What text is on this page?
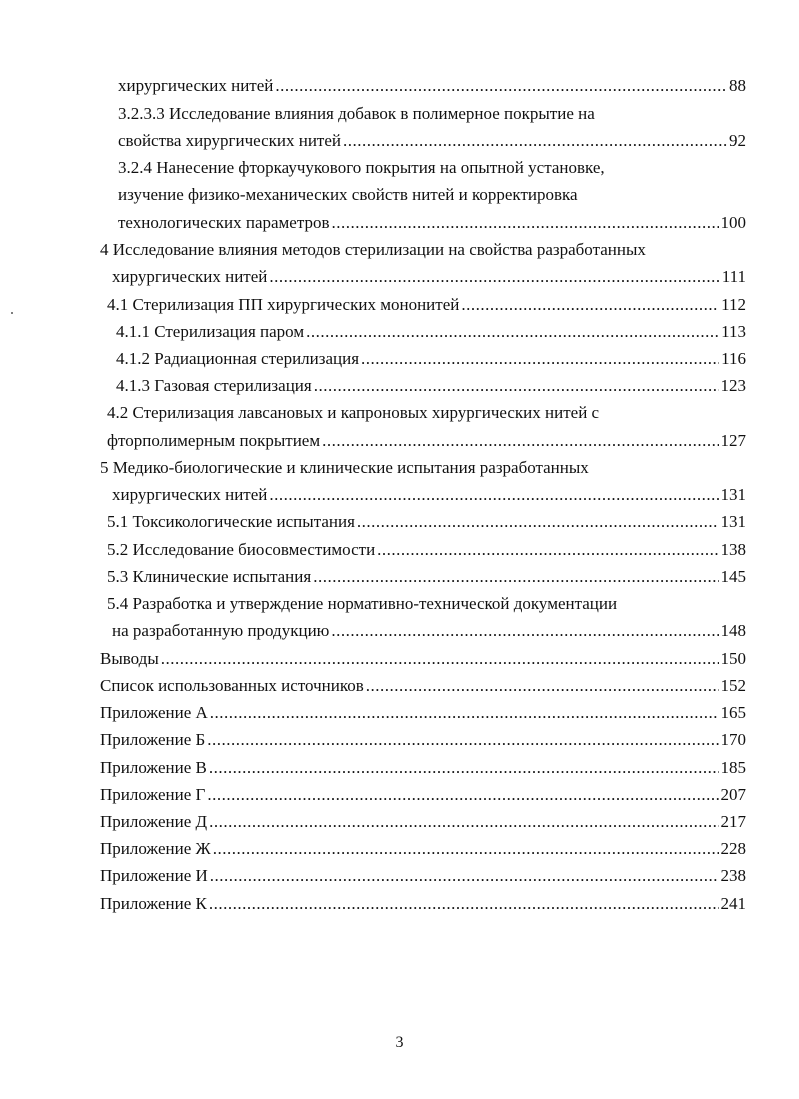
хирургических нитей .....	88
3.2.3.3 Исследование влияния добавок в полимерное покрытие на
свойства хирургических нитей .....	92
3.2.4 Нанесение фторкаучукового покрытия на опытной установке,
изучение физико-механических свойств нитей и корректировка
технологических параметров .....	100
4 Исследование влияния методов стерилизации на свойства разработанных
хирургических нитей .....	111
4.1 Стерилизация ПП хирургических мононитей .....	112
4.1.1 Стерилизация паром .....	113
4.1.2 Радиационная стерилизация .....	116
4.1.3 Газовая стерилизация .....	123
4.2 Стерилизация лавсановых и капроновых хирургических нитей с
фторполимерным покрытием .....	127
5 Медико-биологические и клинические испытания разработанных
хирургических нитей .....	131
5.1 Токсикологические испытания .....	131
5.2 Исследование биосовместимости .....	138
5.3 Клинические испытания .....	145
5.4 Разработка и утверждение нормативно-технической документации
на разработанную продукцию .....	148
Выводы .....	150
Список использованных источников .....	152
Приложение А .....	165
Приложение Б .....	170
Приложение В .....	185
Приложение Г .....	207
Приложение Д .....	217
Приложение Ж .....	228
Приложение И .....	238
Приложение К .....	241
3
